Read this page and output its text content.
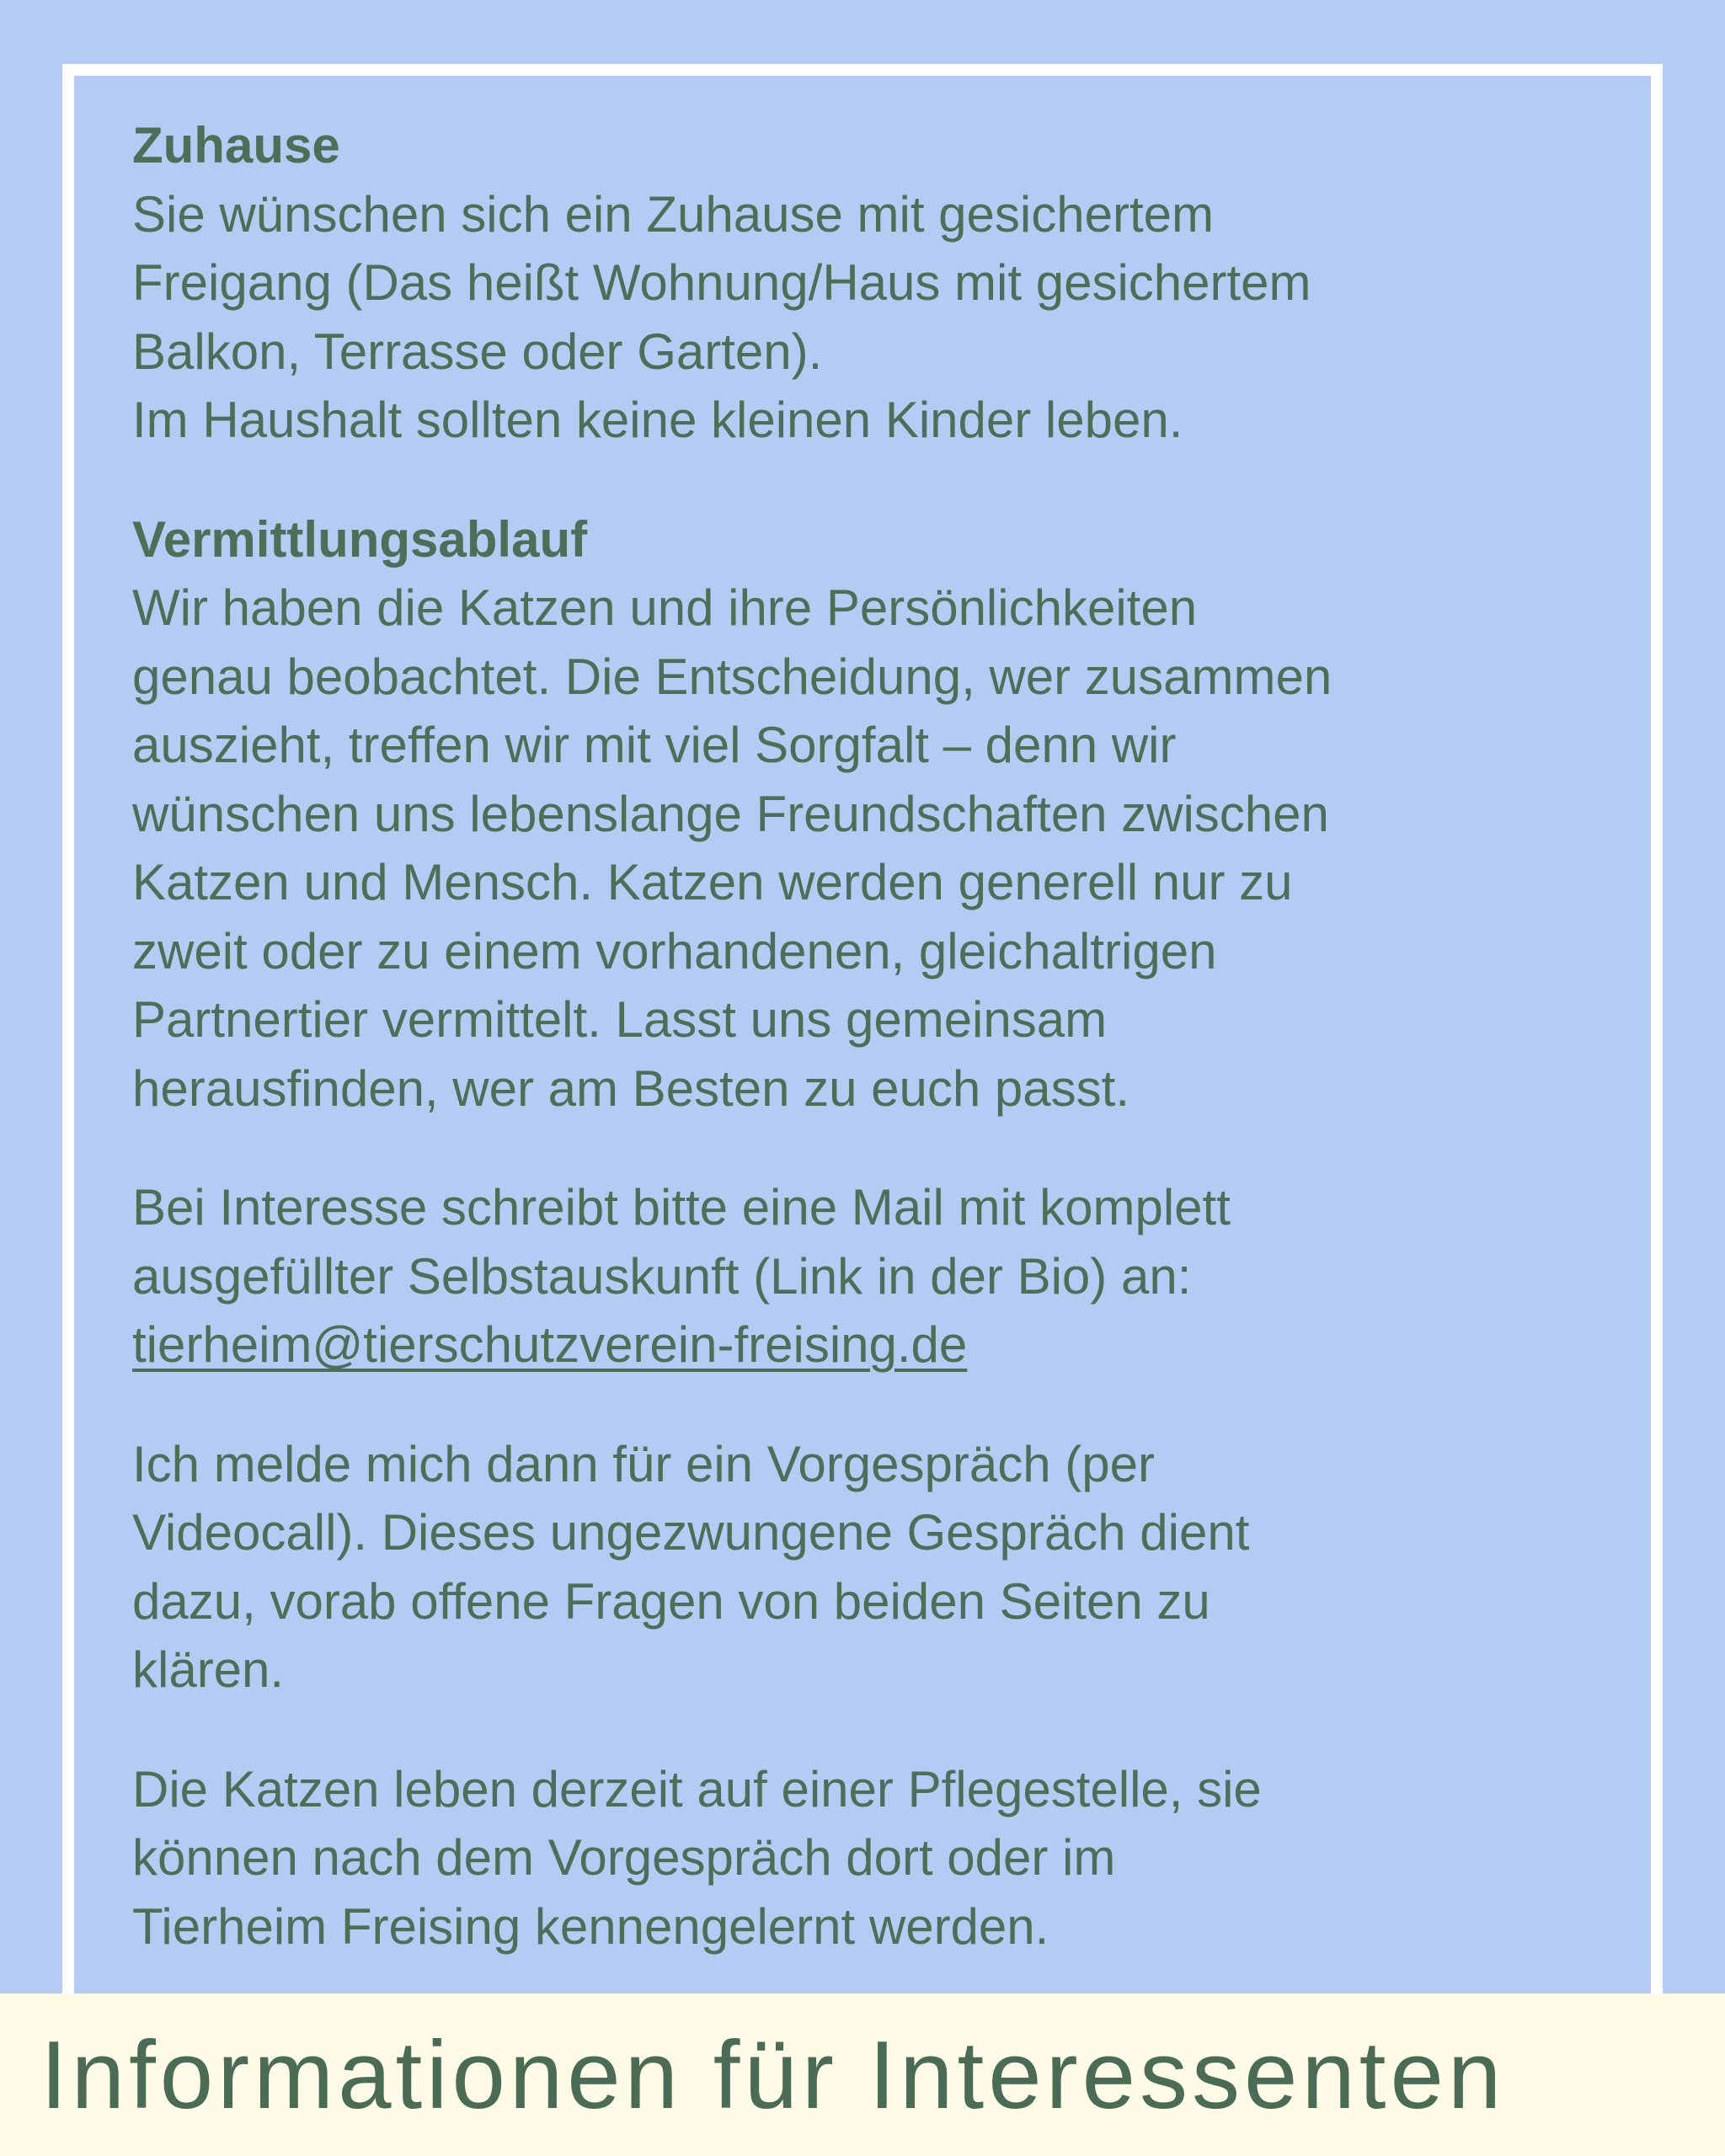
Zuhause

Sie wünschen sich ein Zuhause mit gesichertem

Freigang (Das heißt Wohnung/Haus mit gesichertem

Balkon, Terrasse oder Garten).

Im Haushalt sollten keine kleinen Kinder leben.

Vermittlungsablauf

Wir haben die Katzen und ihre Persönlichkeiten

genau beobachtet. Die Entscheidung, wer zusammen

auszieht, treffen wir mit viel Sorgfalt – denn wir

wünschen uns lebenslange Freundschaften zwischen

Katzen und Mensch. Katzen werden generell nur zu

zweit oder zu einem vorhandenen, gleichaltrigen

Partnertier vermittelt. Lasst uns gemeinsam

herausfinden, wer am Besten zu euch passt.

Bei Interesse schreibt bitte eine Mail mit komplett

ausgefüllter Selbstauskunft (Link in der Bio) an:

tierheim@tierschutzverein-freising.de

Ich melde mich dann für ein Vorgespräch (per

Videocall). Dieses ungezwungene Gespräch dient

dazu, vorab offene Fragen von beiden Seiten zu

klären.

Die Katzen leben derzeit auf einer Pflegestelle, sie

können nach dem Vorgespräch dort oder im

Tierheim Freising kennengelernt werden.

Informationen für Interessenten
